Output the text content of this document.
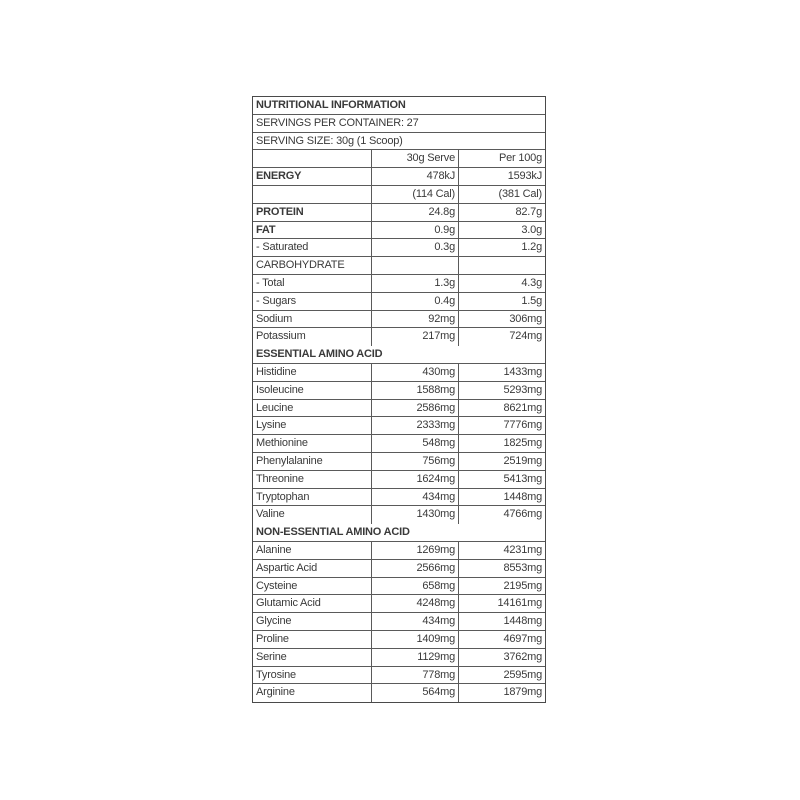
NUTRITIONAL INFORMATION
SERVINGS PER CONTAINER: 27
SERVING SIZE: 30g (1 Scoop)
30g Serve	Per 100g
ENERGY	478kJ	1593kJ
(114 Cal)	(381 Cal)
PROTEIN	24.8g	82.7g
FAT	0.9g	3.0g
- Saturated	0.3g	1.2g
CARBOHYDRATE
- Total	1.3g	4.3g
- Sugars	0.4g	1.5g
Sodium	92mg	306mg
Potassium	217mg	724mg
ESSENTIAL AMINO ACID
Histidine	430mg	1433mg
Isoleucine	1588mg	5293mg
Leucine	2586mg	8621mg
Lysine	2333mg	7776mg
Methionine	548mg	1825mg
Phenylalanine	756mg	2519mg
Threonine	1624mg	5413mg
Tryptophan	434mg	1448mg
Valine	1430mg	4766mg
NON-ESSENTIAL AMINO ACID
Alanine	1269mg	4231mg
Aspartic Acid	2566mg	8553mg
Cysteine	658mg	2195mg
Glutamic Acid	4248mg	14161mg
Glycine	434mg	1448mg
Proline	1409mg	4697mg
Serine	1129mg	3762mg
Tyrosine	778mg	2595mg
Arginine	564mg	1879mg
